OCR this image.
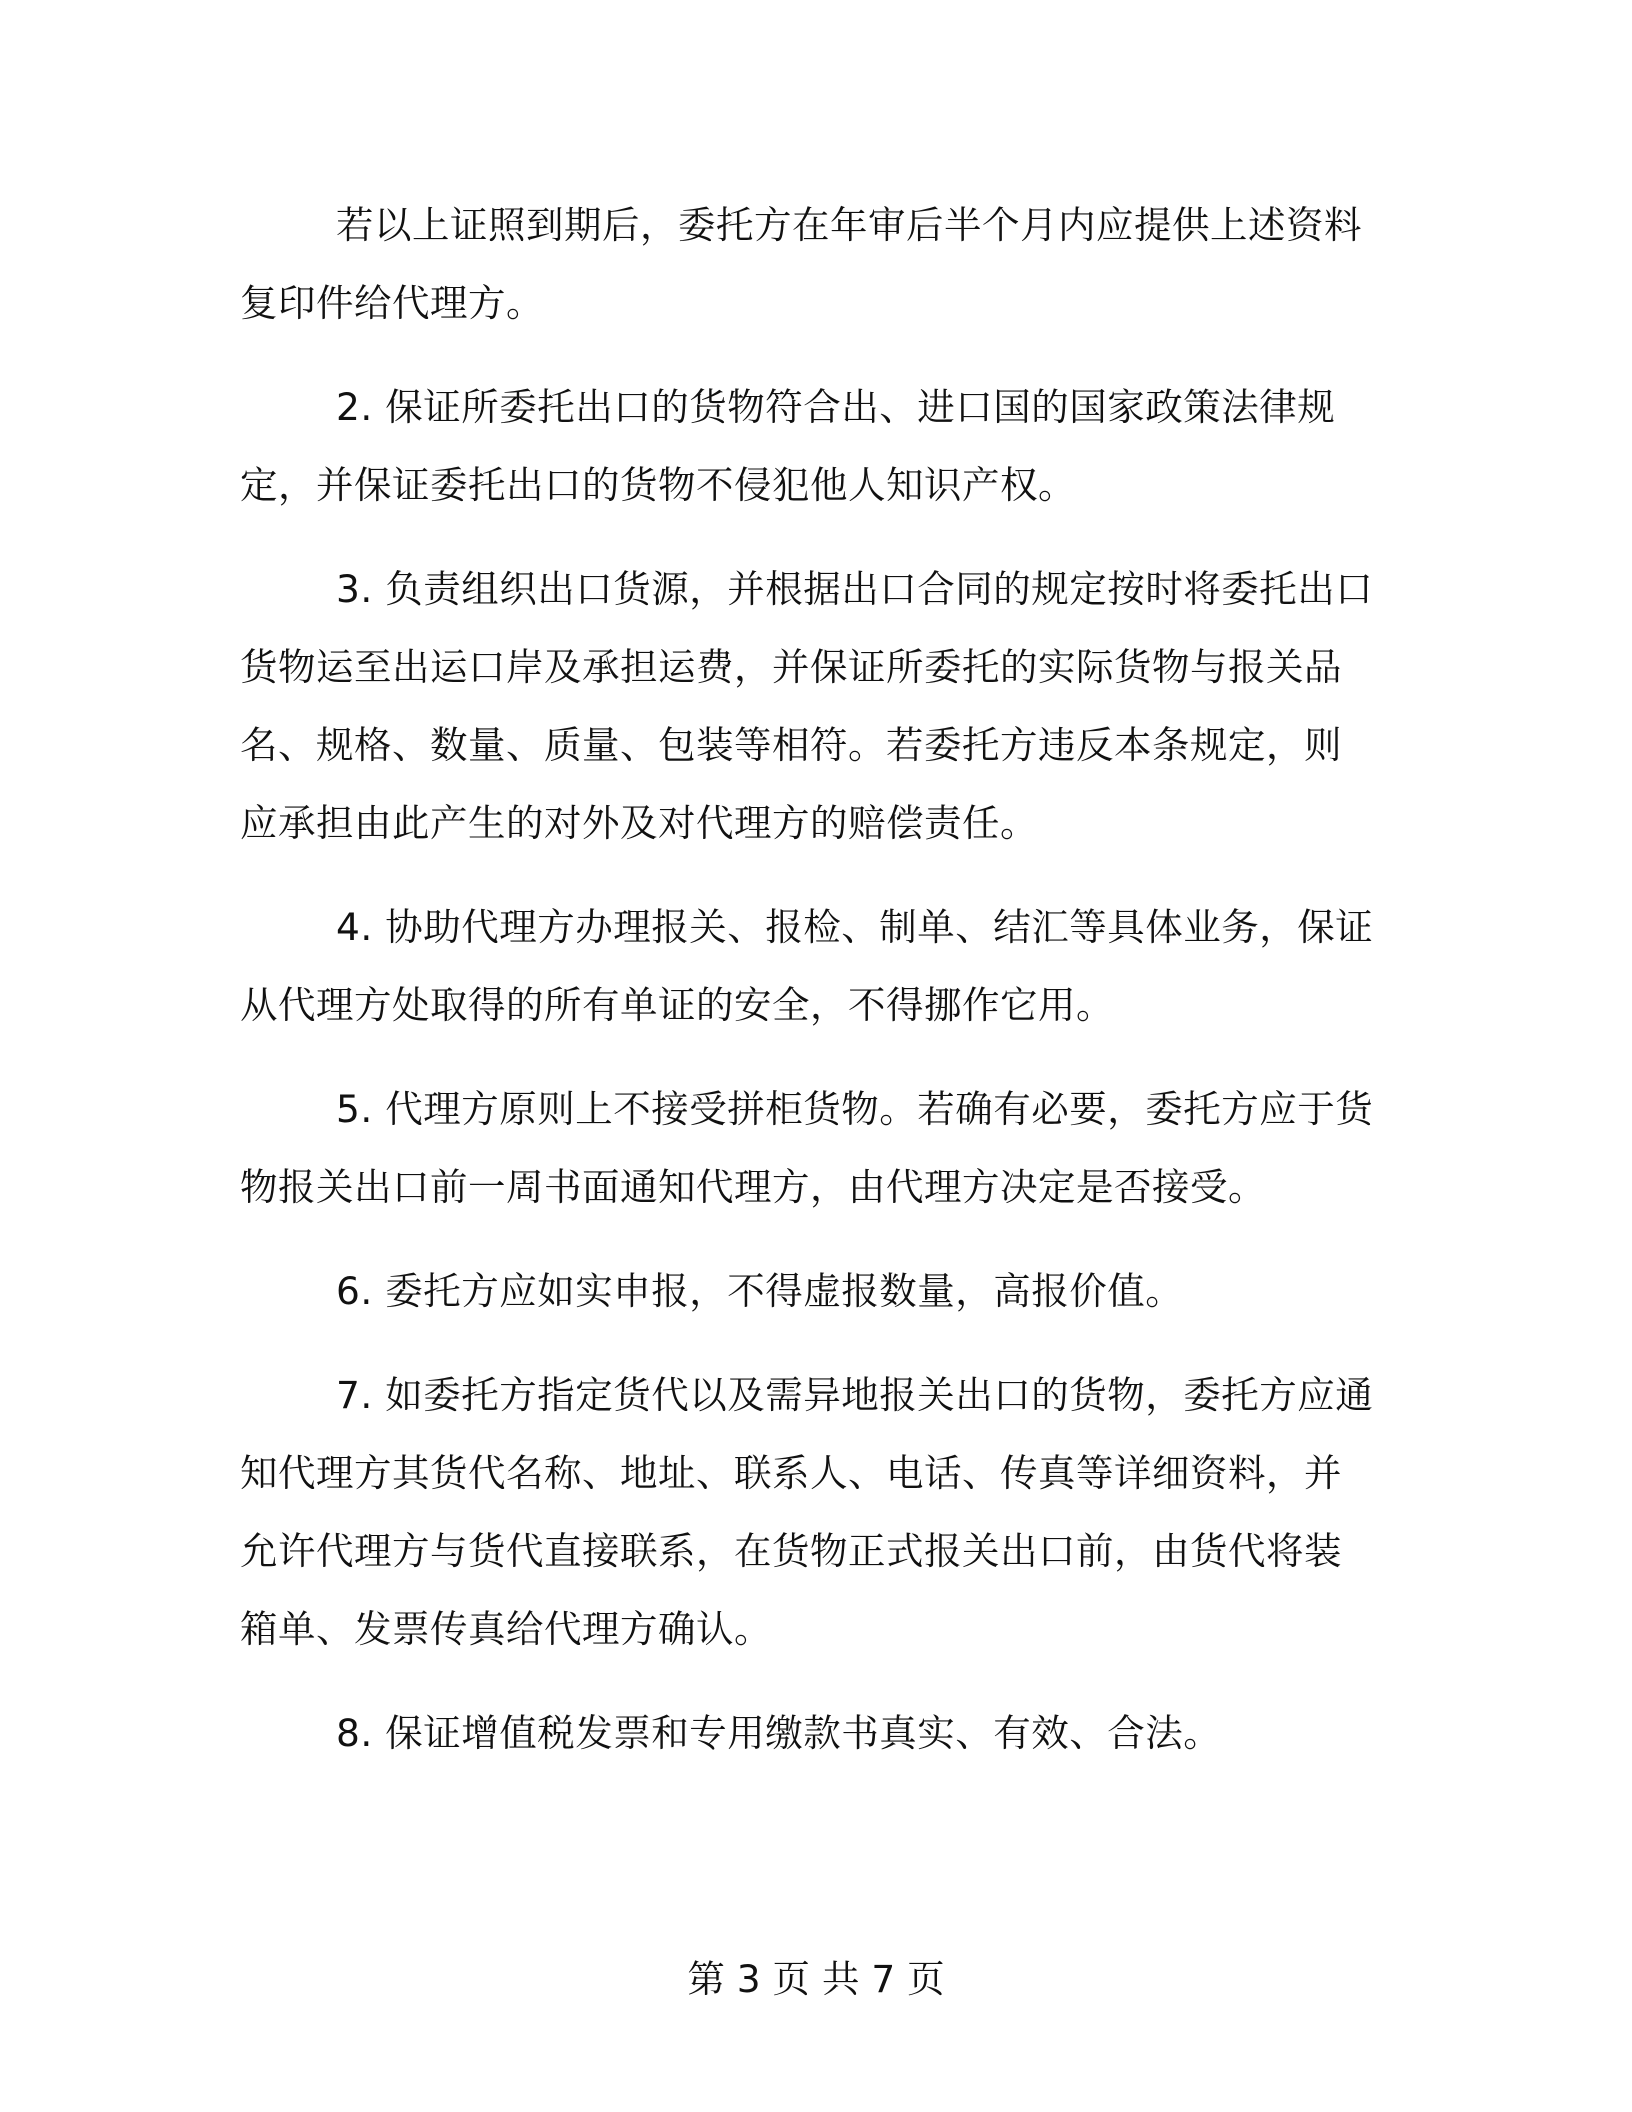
若以上证照到期后，委托方在年审后半个月内应提供上述资料复印件给代理方。

2. 保证所委托出口的货物符合出、进口国的国家政策法律规定，并保证委托出口的货物不侵犯他人知识产权。

3. 负责组织出口货源，并根据出口合同的规定按时将委托出口货物运至出运口岸及承担运费，并保证所委托的实际货物与报关品名、规格、数量、质量、包装等相符。若委托方违反本条规定，则应承担由此产生的对外及对代理方的赔偿责任。

4. 协助代理方办理报关、报检、制单、结汇等具体业务，保证从代理方处取得的所有单证的安全，不得挪作它用。

5. 代理方原则上不接受拼柜货物。若确有必要，委托方应于货物报关出口前一周书面通知代理方，由代理方决定是否接受。

6. 委托方应如实申报，不得虚报数量，高报价值。

7. 如委托方指定货代以及需异地报关出口的货物，委托方应通知代理方其货代名称、地址、联系人、电话、传真等详细资料，并允许代理方与货代直接联系，在货物正式报关出口前，由货代将装箱单、发票传真给代理方确认。

8. 保证增值税发票和专用缴款书真实、有效、合法。

第 3 页 共 7 页
